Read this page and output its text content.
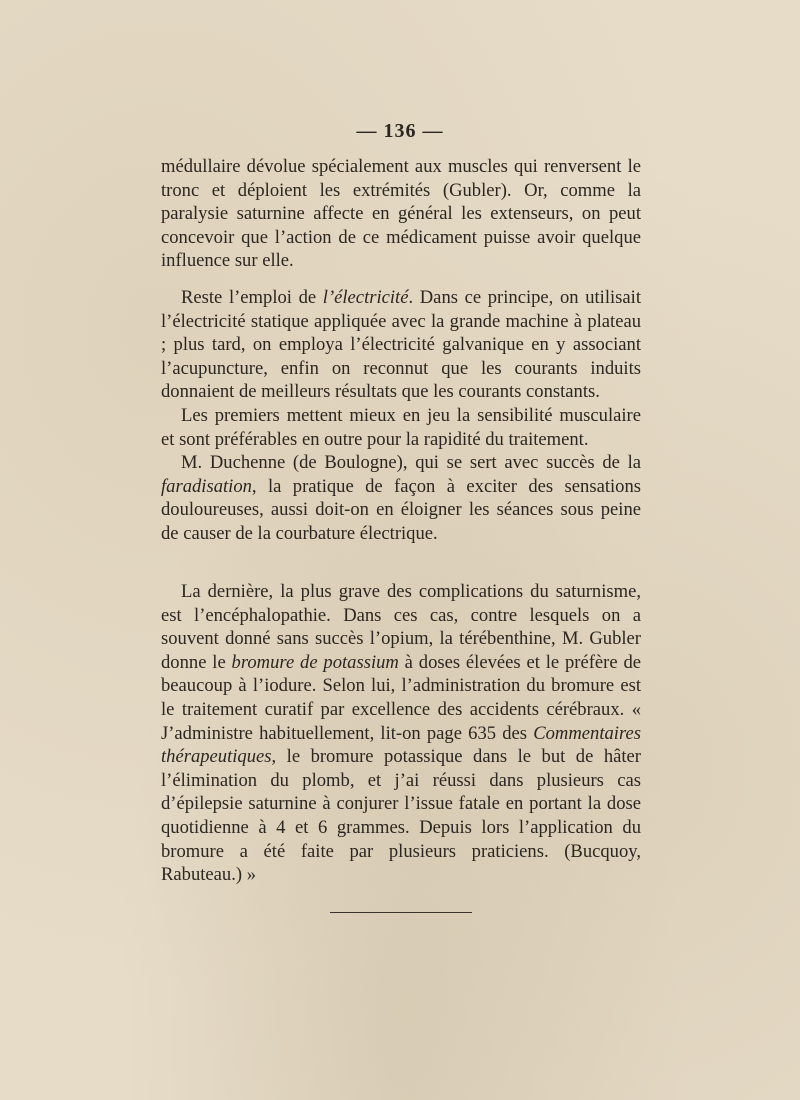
— 136 —

médullaire dévolue spécialement aux muscles qui renversent le tronc et déploient les extrémités (Gubler). Or, comme la paralysie saturnine affecte en général les extenseurs, on peut concevoir que l’action de ce médicament puisse avoir quelque influence sur elle.

Reste l’emploi de l’électricité. Dans ce principe, on utilisait l’électricité statique appliquée avec la grande machine à plateau ; plus tard, on employa l’électricité galvanique en y associant l’acupuncture, enfin on reconnut que les courants induits donnaient de meilleurs résultats que les courants constants.

Les premiers mettent mieux en jeu la sensibilité musculaire et sont préférables en outre pour la rapidité du traitement.

M. Duchenne (de Boulogne), qui se sert avec succès de la faradisation, la pratique de façon à exciter des sensations douloureuses, aussi doit-on en éloigner les séances sous peine de causer de la courbature électrique.

La dernière, la plus grave des complications du saturnisme, est l’encéphalopathie. Dans ces cas, contre lesquels on a souvent donné sans succès l’opium, la térébenthine, M. Gubler donne le bromure de potassium à doses élevées et le préfère de beaucoup à l’iodure. Selon lui, l’administration du bromure est le traitement curatif par excellence des accidents cérébraux. « J’administre habituellement, lit-on page 635 des Commentaires thérapeutiques, le bromure potassique dans le but de hâter l’élimination du plomb, et j’ai réussi dans plusieurs cas d’épilepsie saturnine à conjurer l’issue fatale en portant la dose quotidienne à 4 et 6 grammes. Depuis lors l’application du bromure a été faite par plusieurs praticiens. (Bucquoy, Rabuteau.) »
